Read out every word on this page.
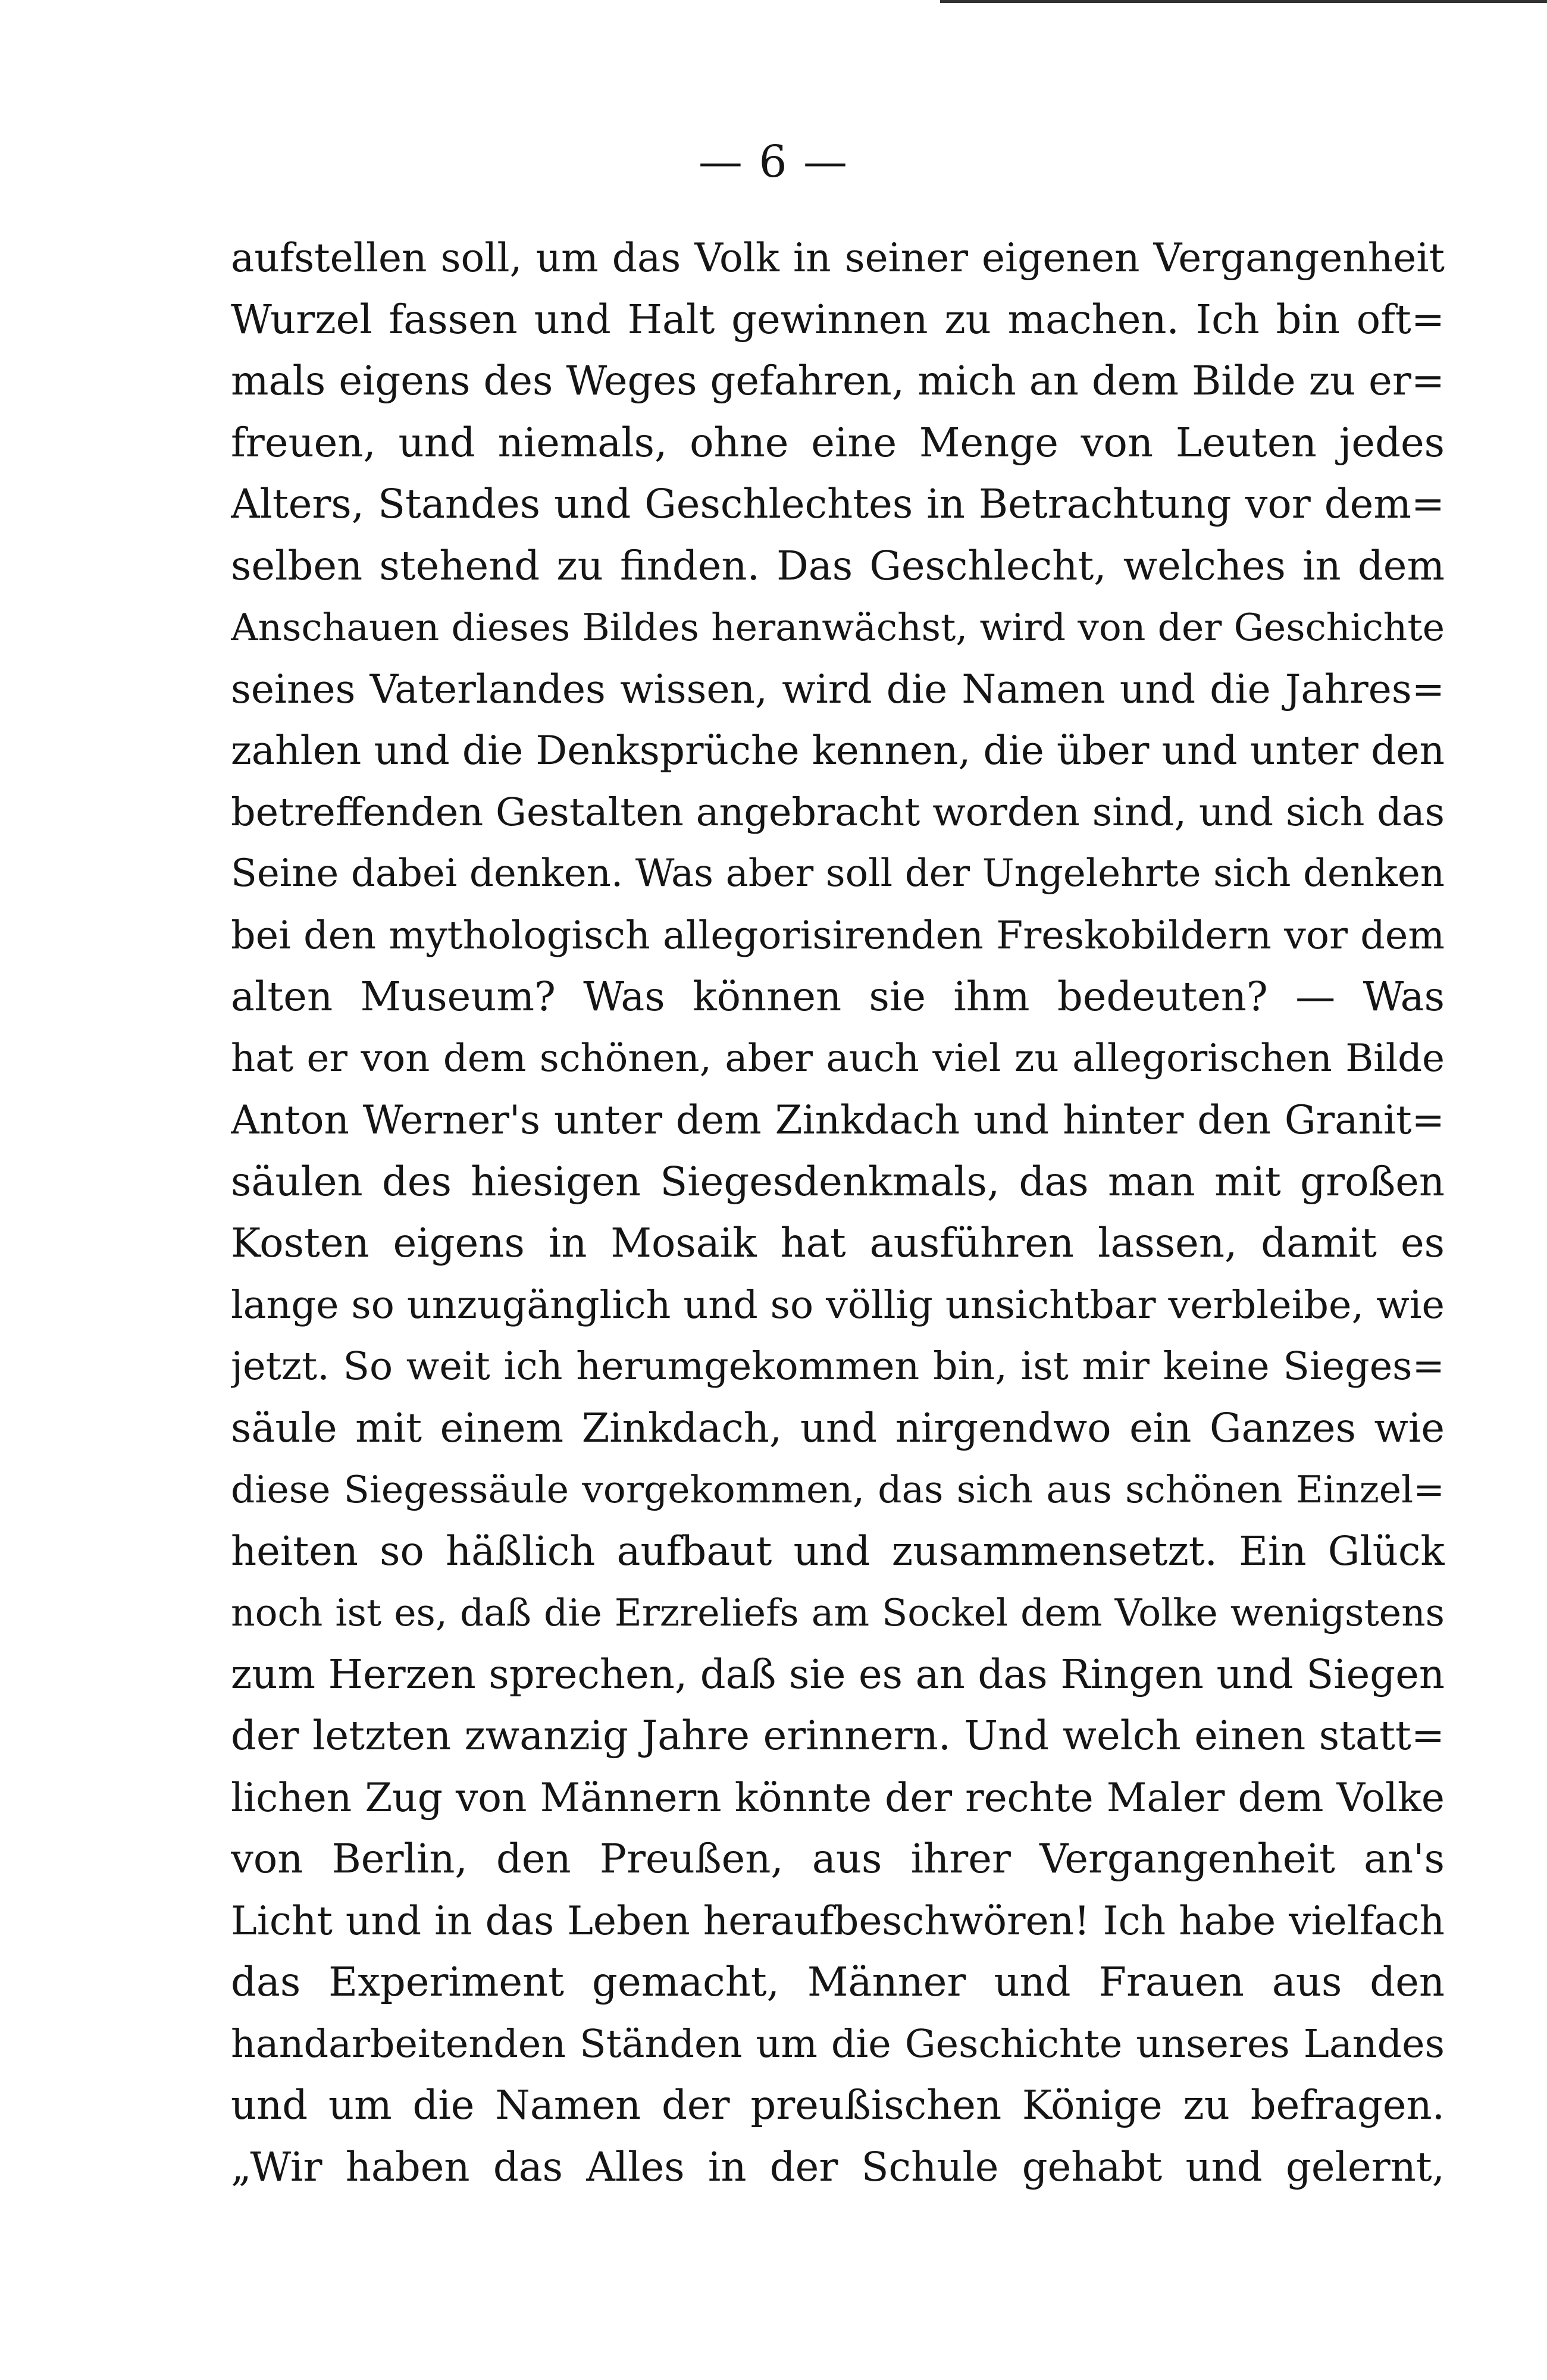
— 6 —
aufstellen soll, um das Volk in seiner eigenen Vergangenheit
Wurzel fassen und Halt gewinnen zu machen. Ich bin oft=
mals eigens des Weges gefahren, mich an dem Bilde zu er=
freuen, und niemals, ohne eine Menge von Leuten jedes
Alters, Standes und Geschlechtes in Betrachtung vor dem=
selben stehend zu finden. Das Geschlecht, welches in dem
Anschauen dieses Bildes heranwächst, wird von der Geschichte
seines Vaterlandes wissen, wird die Namen und die Jahres=
zahlen und die Denksprüche kennen, die über und unter den
betreffenden Gestalten angebracht worden sind, und sich das
Seine dabei denken. Was aber soll der Ungelehrte sich denken
bei den mythologisch allegorisirenden Freskobildern vor dem
alten Museum? Was können sie ihm bedeuten? — Was
hat er von dem schönen, aber auch viel zu allegorischen Bilde
Anton Werner's unter dem Zinkdach und hinter den Granit=
säulen des hiesigen Siegesdenkmals, das man mit großen
Kosten eigens in Mosaik hat ausführen lassen, damit es
lange so unzugänglich und so völlig unsichtbar verbleibe, wie
jetzt. So weit ich herumgekommen bin, ist mir keine Sieges=
säule mit einem Zinkdach, und nirgendwo ein Ganzes wie
diese Siegessäule vorgekommen, das sich aus schönen Einzel=
heiten so häßlich aufbaut und zusammensetzt. Ein Glück
noch ist es, daß die Erzreliefs am Sockel dem Volke wenigstens
zum Herzen sprechen, daß sie es an das Ringen und Siegen
der letzten zwanzig Jahre erinnern. Und welch einen statt=
lichen Zug von Männern könnte der rechte Maler dem Volke
von Berlin, den Preußen, aus ihrer Vergangenheit an's
Licht und in das Leben heraufbeschwören! Ich habe vielfach
das Experiment gemacht, Männer und Frauen aus den
handarbeitenden Ständen um die Geschichte unseres Landes
und um die Namen der preußischen Könige zu befragen.
„Wir haben das Alles in der Schule gehabt und gelernt,
